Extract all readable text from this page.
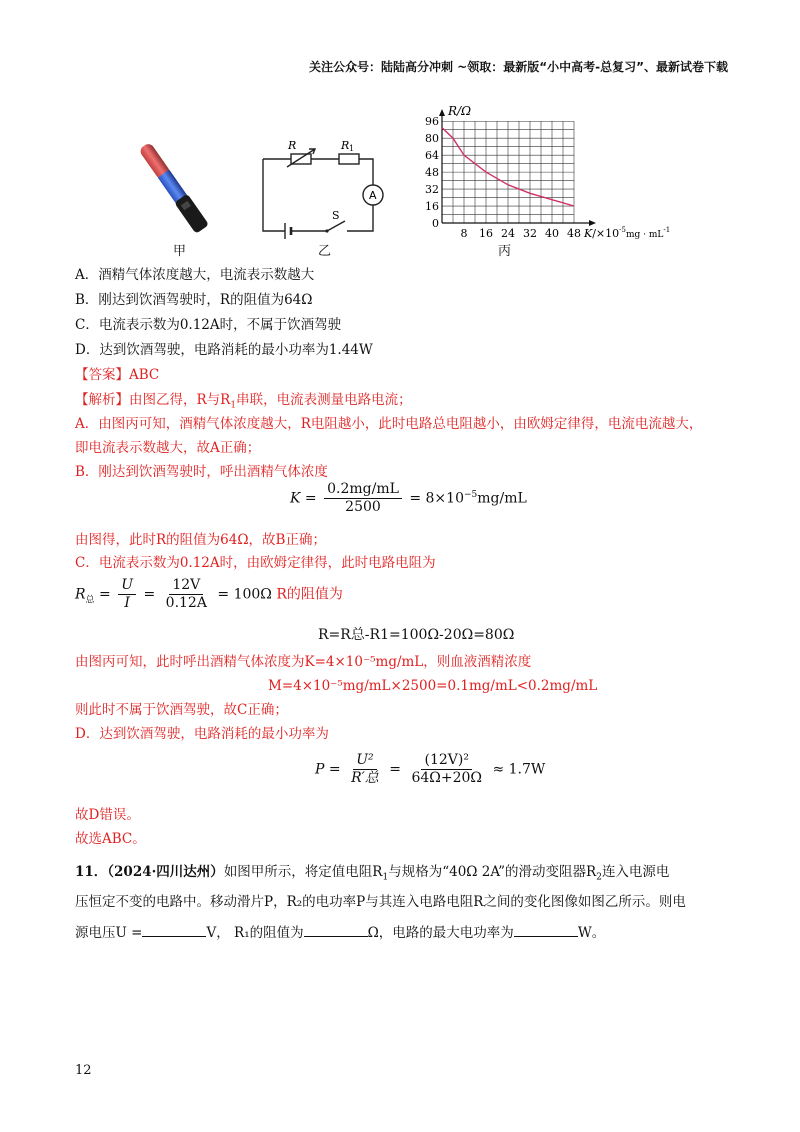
关注公众号：陆陆高分冲刺 ~领取：最新版“小中高考-总复习”、最新试卷下载
甲
R	R 1
A
S
乙
96
80
64
48
32
16
0
8 16 24 32 40 48
R/Ω
$K/\times 10^{-5}_{mg \cdot mL}^{-1}$
丙
A．酒精气体浓度越大，电流表示数越大
B．刚达到饮酒驾驶时，R的阻值为64Ω
C．电流表示数为0.12A时，不属于饮酒驾驶
D．达到饮酒驾驶，电路消耗的最小功率为1.44W
【答案】ABC
【解析】由图乙得，R与$R_1$串联，电流表测量电路电流；
A．由图丙可知，酒精气体浓度越大，R电阻越小，此时电路总电阻越小，由欧姆定律得，电流电流越大，
即电流表示数越大，故A正确；
B．刚达到饮酒驾驶时，呼出酒精气体浓度
$K = \frac{0.2mg/mL}{2500} = 8\times 10^{-5}mg/mL$
由图得，此时R的阻值为64Ω，故B正确；
C．电流表示数为0.12A时，由欧姆定律得，此时电路电阻为
$R_总 = \frac{U}{I} = \frac{12V}{0.12A} = 100\Omega$ R的阻值为
R=R总-R1=100Ω-20Ω=80Ω
由图丙可知，此时呼出酒精气体浓度为K=4×10⁻⁵mg/mL，则血液酒精浓度
M=4×10⁻⁵mg/mL×2500=0.1mg/mL<0.2mg/mL
则此时不属于饮酒驾驶，故C正确；
D．达到饮酒驾驶，电路消耗的最小功率为
$P = \frac{\text{U²}}{\text{R′总}} = \frac{\text{(12V)²}}{64\Omega+20\Omega} \approx 1.7W$
故D错误。
故选ABC。
11．（2024·四川达州）如图甲所示，将定值电阻$R_1$与规格为“40Ω 2A”的滑动变阻器$R_2$连入电源电
压恒定不变的电路中。移动滑片P，R₂的电功率P与其连入电路电阻R之间的变化图像如图乙所示。则电
源电压U =	V， R₁的阻值为	Ω，电路的最大电功率为	W。
12
